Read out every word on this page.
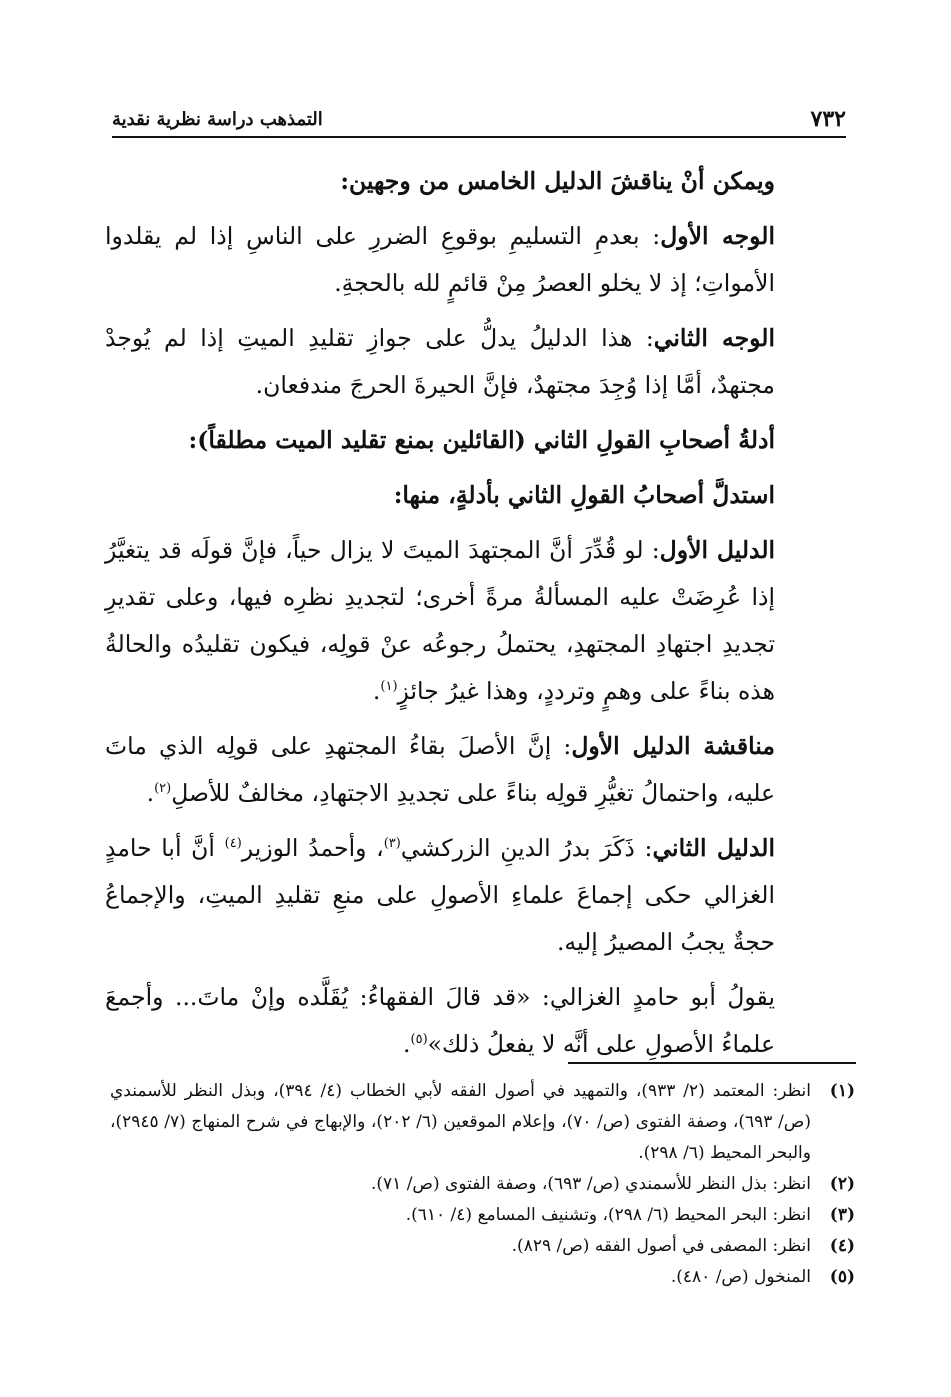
٧٣٢
التمذهب دراسة نظرية نقدية

ويمكن أنْ يناقشَ الدليل الخامس من وجهين:

الوجه الأول: بعدمِ التسليمِ بوقوعِ الضررِ على الناسِ إذا لم يقلدوا الأمواتِ؛ إذ لا يخلو العصرُ مِنْ قائمٍ لله بالحجةِ.

الوجه الثاني: هذا الدليلُ يدلُّ على جوازِ تقليدِ الميتِ إذا لم يُوجدْ مجتهدٌ، أمَّا إذا وُجِدَ مجتهدٌ، فإنَّ الحيرةَ الحرجَ مندفعان.

أدلةُ أصحابِ القولِ الثاني (القائلين بمنع تقليد الميت مطلقاً):

استدلَّ أصحابُ القولِ الثاني بأدلةٍ، منها:

الدليل الأول: لو قُدِّرَ أنَّ المجتهدَ الميتَ لا يزال حياً، فإنَّ قولَه قد يتغيَّرُ إذا عُرِضَتْ عليه المسألةُ مرةً أخرى؛ لتجديدِ نظرِه فيها، وعلى تقديرِ تجديدِ اجتهادِ المجتهدِ، يحتملُ رجوعُه عنْ قولِه، فيكون تقليدُه والحالةُ هذه بناءً على وهمٍ وترددٍ، وهذا غيرُ جائزٍ$^{(١)}$.

مناقشة الدليل الأول: إنَّ الأصلَ بقاءُ المجتهدِ على قولِه الذي ماتَ عليه، واحتمالُ تغيُّرِ قولِه بناءً على تجديدِ الاجتهادِ، مخالفٌ للأصلِ$^{(٢)}$.

الدليل الثاني: ذَكَرَ بدرُ الدينِ الزركشي$^{(٣)}$، وأحمدُ الوزير$^{(٤)}$ أنَّ أبا حامدٍ الغزالي حكى إجماعَ علماءِ الأصولِ على منعِ تقليدِ الميتِ، والإجماعُ حجةٌ يجبُ المصيرُ إليه.

يقولُ أبو حامدٍ الغزالي: «قد قالَ الفقهاءُ: يُقَلَّده وإنْ ماتَ... وأجمعَ علماءُ الأصولِ على أنَّه لا يفعلُ ذلك»$^{(٥)}$.

(١)
انظر: المعتمد (٢/ ٩٣٣)، والتمهيد في أصول الفقه لأبي الخطاب (٤/ ٣٩٤)، وبذل النظر للأسمندي (ص/ ٦٩٣)، وصفة الفتوى (ص/ ٧٠)، وإعلام الموقعين (٦/ ٢٠٢)، والإبهاج في شرح المنهاج (٧/ ٢٩٤٥)، والبحر المحيط (٦/ ٢٩٨).
(٢)
انظر: بذل النظر للأسمندي (ص/ ٦٩٣)، وصفة الفتوى (ص/ ٧١).
(٣)
انظر: البحر المحيط (٦/ ٢٩٨)، وتشنيف المسامع (٤/ ٦١٠).
(٤)
انظر: المصفى في أصول الفقه (ص/ ٨٢٩).
(٥)
المنخول (ص/ ٤٨٠).
